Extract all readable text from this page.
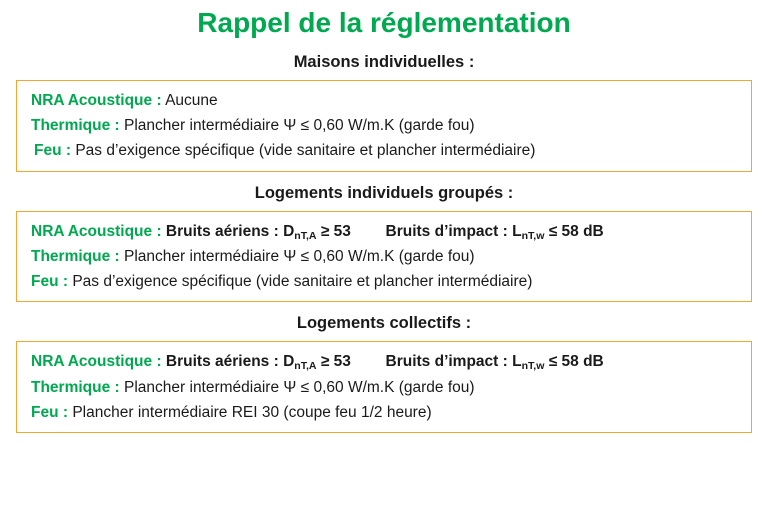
Rappel de la réglementation
Maisons individuelles :
NRA Acoustique : Aucune
Thermique : Plancher intermédiaire Ψ ≤ 0,60 W/m.K (garde fou)
Feu : Pas d’exigence spécifique (vide sanitaire et plancher intermédiaire)
Logements individuels groupés :
NRA Acoustique : Bruits aériens : DnT,A ≥ 53 Bruits d’impact : LnT,w ≤ 58 dB
Thermique : Plancher intermédiaire Ψ ≤ 0,60 W/m.K (garde fou)
Feu : Pas d’exigence spécifique (vide sanitaire et plancher intermédiaire)
Logements collectifs :
NRA Acoustique : Bruits aériens : DnT,A ≥ 53 Bruits d’impact : LnT,w ≤ 58 dB
Thermique : Plancher intermédiaire Ψ ≤ 0,60 W/m.K (garde fou)
Feu : Plancher intermédiaire REI 30 (coupe feu 1/2 heure)
